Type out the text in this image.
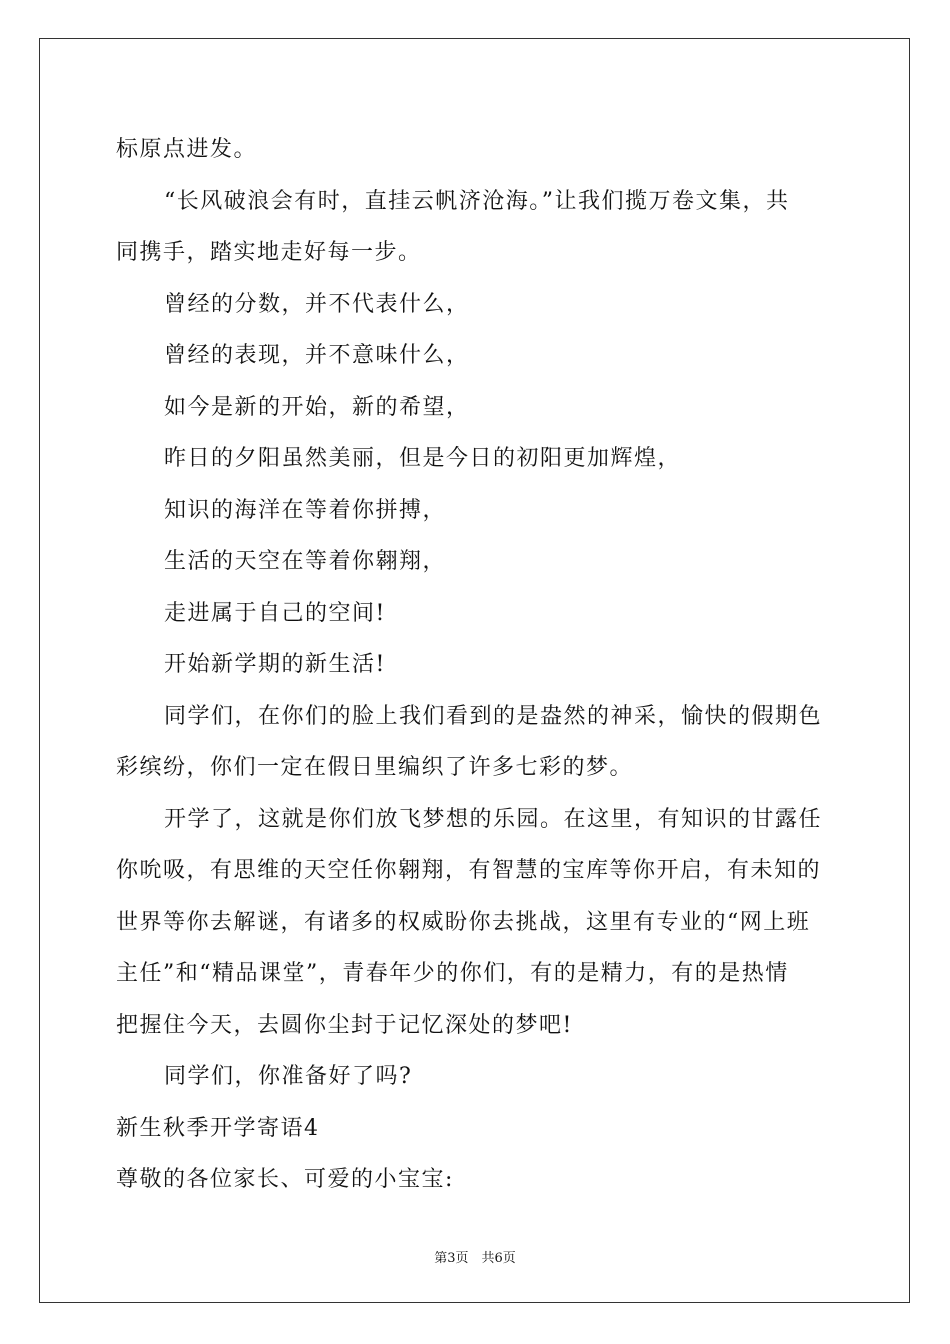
标原点进发。
“长风破浪会有时，直挂云帆济沧海。”让我们揽万卷文集，共
同携手，踏实地走好每一步。
曾经的分数，并不代表什么，
曾经的表现，并不意味什么，
如今是新的开始，新的希望，
昨日的夕阳虽然美丽，但是今日的初阳更加辉煌，
知识的海洋在等着你拼搏，
生活的天空在等着你翱翔，
走进属于自己的空间!
开始新学期的新生活!
同学们，在你们的脸上我们看到的是盎然的神采，愉快的假期色
彩缤纷，你们一定在假日里编织了许多七彩的梦。
开学了，这就是你们放飞梦想的乐园。在这里，有知识的甘露任
你吮吸，有思维的天空任你翱翔，有智慧的宝库等你开启，有未知的
世界等你去解谜，有诸多的权威盼你去挑战，这里有专业的“网上班
主任”和“精品课堂”，青春年少的你们，有的是精力，有的是热情
把握住今天，去圆你尘封于记忆深处的梦吧!
同学们，你准备好了吗?
新生秋季开学寄语4
尊敬的各位家长、可爱的小宝宝:
第3页　共6页
